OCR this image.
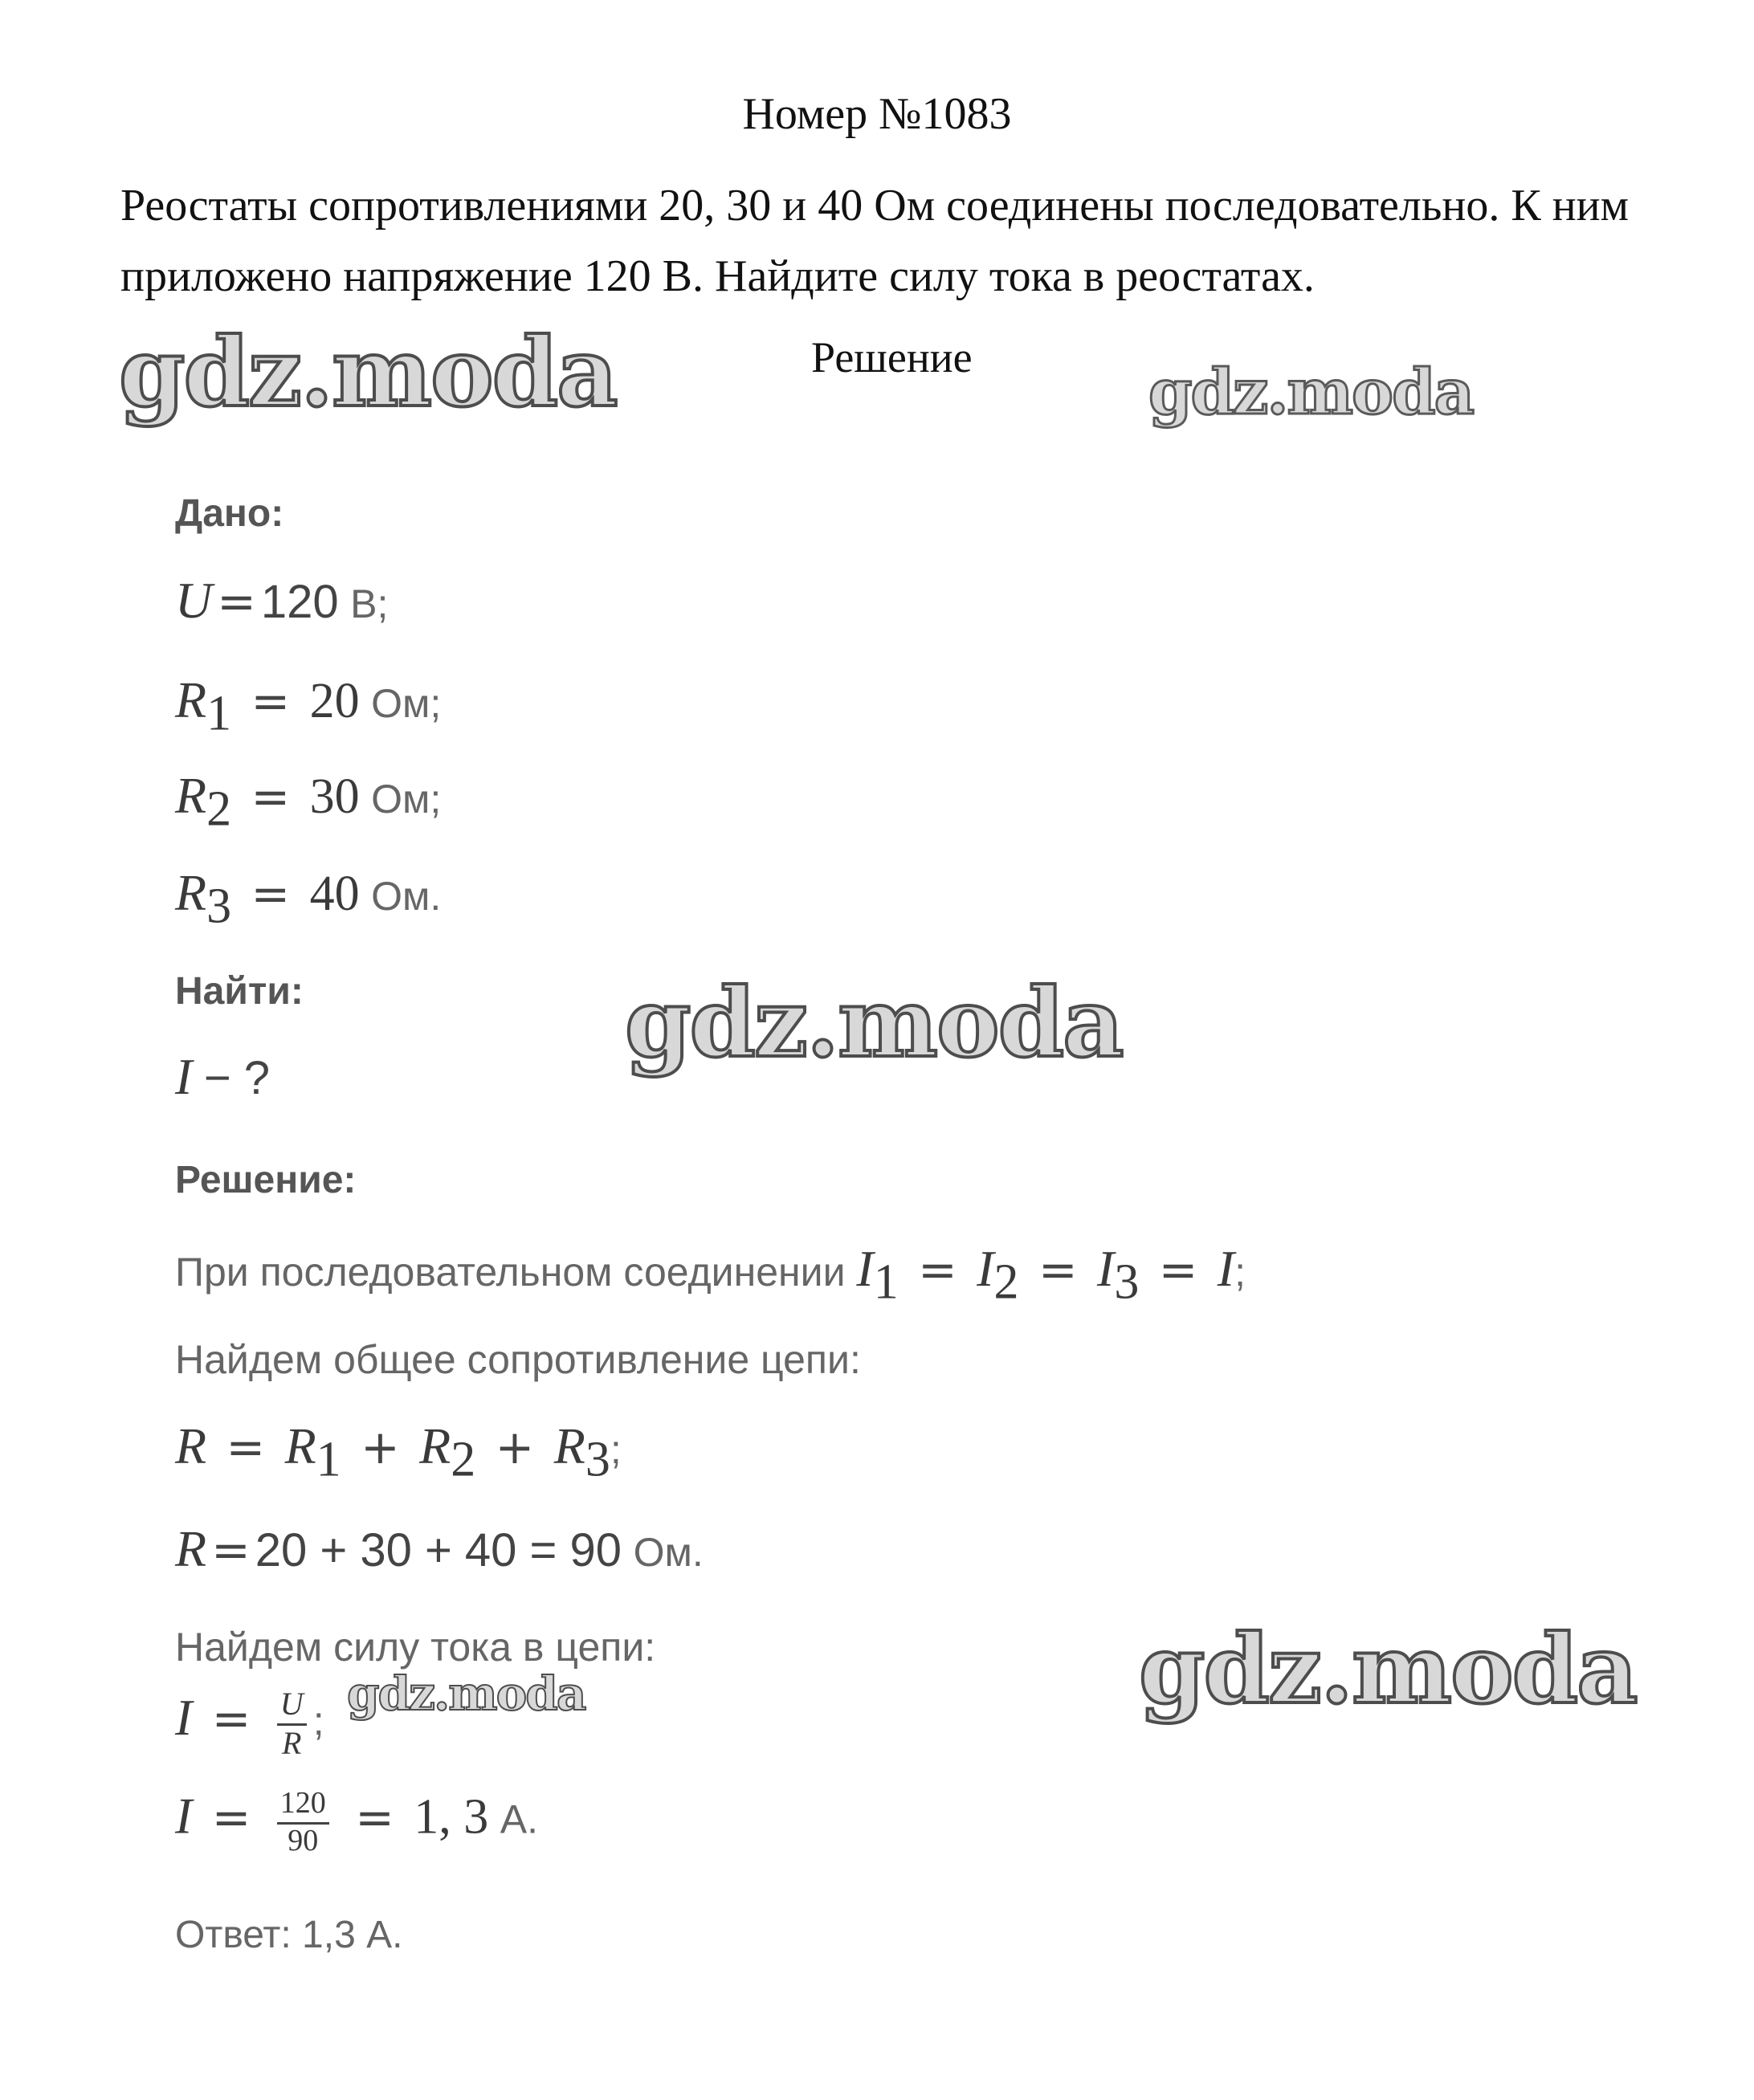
Номер №1083
Реостаты сопротивлениями 20, 30 и 40 Ом соединены последовательно. К ним приложено напряжение 120 В. Найдите силу тока в реостатах.
Решение
gdz.moda	gdz.moda
gdz.moda
gdz.moda
gdz.moda
Дано:
U = 120 В;
$R_1 = 20$ Ом;
$R_2 = 30$ Ом;
$R_3 = 40$ Ом.
Найти:
I − ?
Решение:
При последовательном соединении $I_1 = I_2 = I_3 = I$;
Найдем общее сопротивление цепи:
$R = R_1 + R_2 + R_3$;
R = 20 + 30 + 40 = 90 Ом.
Найдем силу тока в цепи:
$I = \frac{U}{R}$ ;
$I = \frac{120}{90} = 1$, 3 А.
Ответ: 1,3 А.
